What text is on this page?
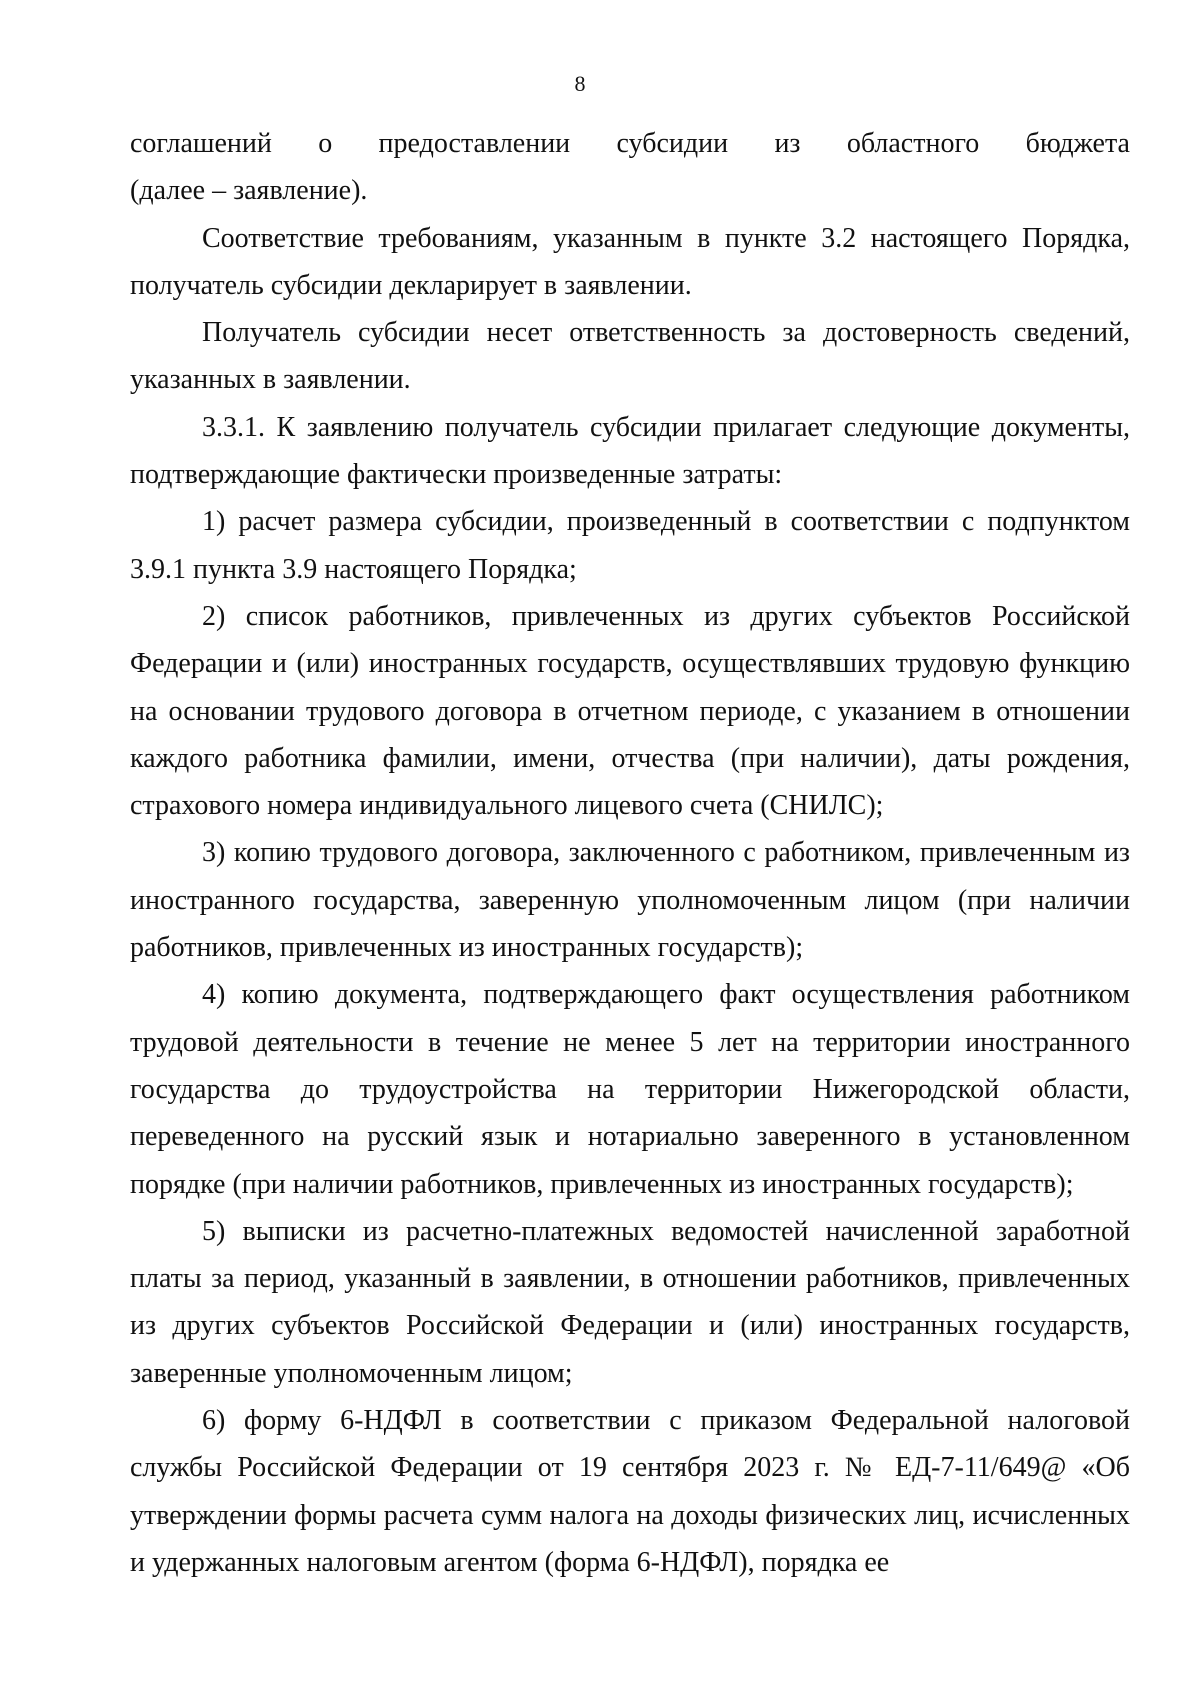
8

соглашений о предоставлении субсидии из областного бюджета
(далее – заявление).

Соответствие требованиям, указанным в пункте 3.2 настоящего Порядка, получатель субсидии декларирует в заявлении.

Получатель субсидии несет ответственность за достоверность сведений, указанных в заявлении.

3.3.1. К заявлению получатель субсидии прилагает следующие документы, подтверждающие фактически произведенные затраты:

1) расчет размера субсидии, произведенный в соответствии с подпунктом 3.9.1 пункта 3.9 настоящего Порядка;

2) список работников, привлеченных из других субъектов Российской Федерации и (или) иностранных государств, осуществлявших трудовую функцию на основании трудового договора в отчетном периоде, с указанием в отношении каждого работника фамилии, имени, отчества (при наличии), даты рождения, страхового номера индивидуального лицевого счета (СНИЛС);

3) копию трудового договора, заключенного с работником, привлеченным из иностранного государства, заверенную уполномоченным лицом (при наличии работников, привлеченных из иностранных государств);

4) копию документа, подтверждающего факт осуществления работником трудовой деятельности в течение не менее 5 лет на территории иностранного государства до трудоустройства на территории Нижегородской области, переведенного на русский язык и нотариально заверенного в установленном порядке (при наличии работников, привлеченных из иностранных государств);

5) выписки из расчетно-платежных ведомостей начисленной заработной платы за период, указанный в заявлении, в отношении работников, привлеченных из других субъектов Российской Федерации и (или) иностранных государств, заверенные уполномоченным лицом;

6) форму 6-НДФЛ в соответствии с приказом Федеральной налоговой службы Российской Федерации от 19 сентября 2023 г. № ЕД-7-11/649@ «Об утверждении формы расчета сумм налога на доходы физических лиц, исчисленных и удержанных налоговым агентом (форма 6-НДФЛ), порядка ее
